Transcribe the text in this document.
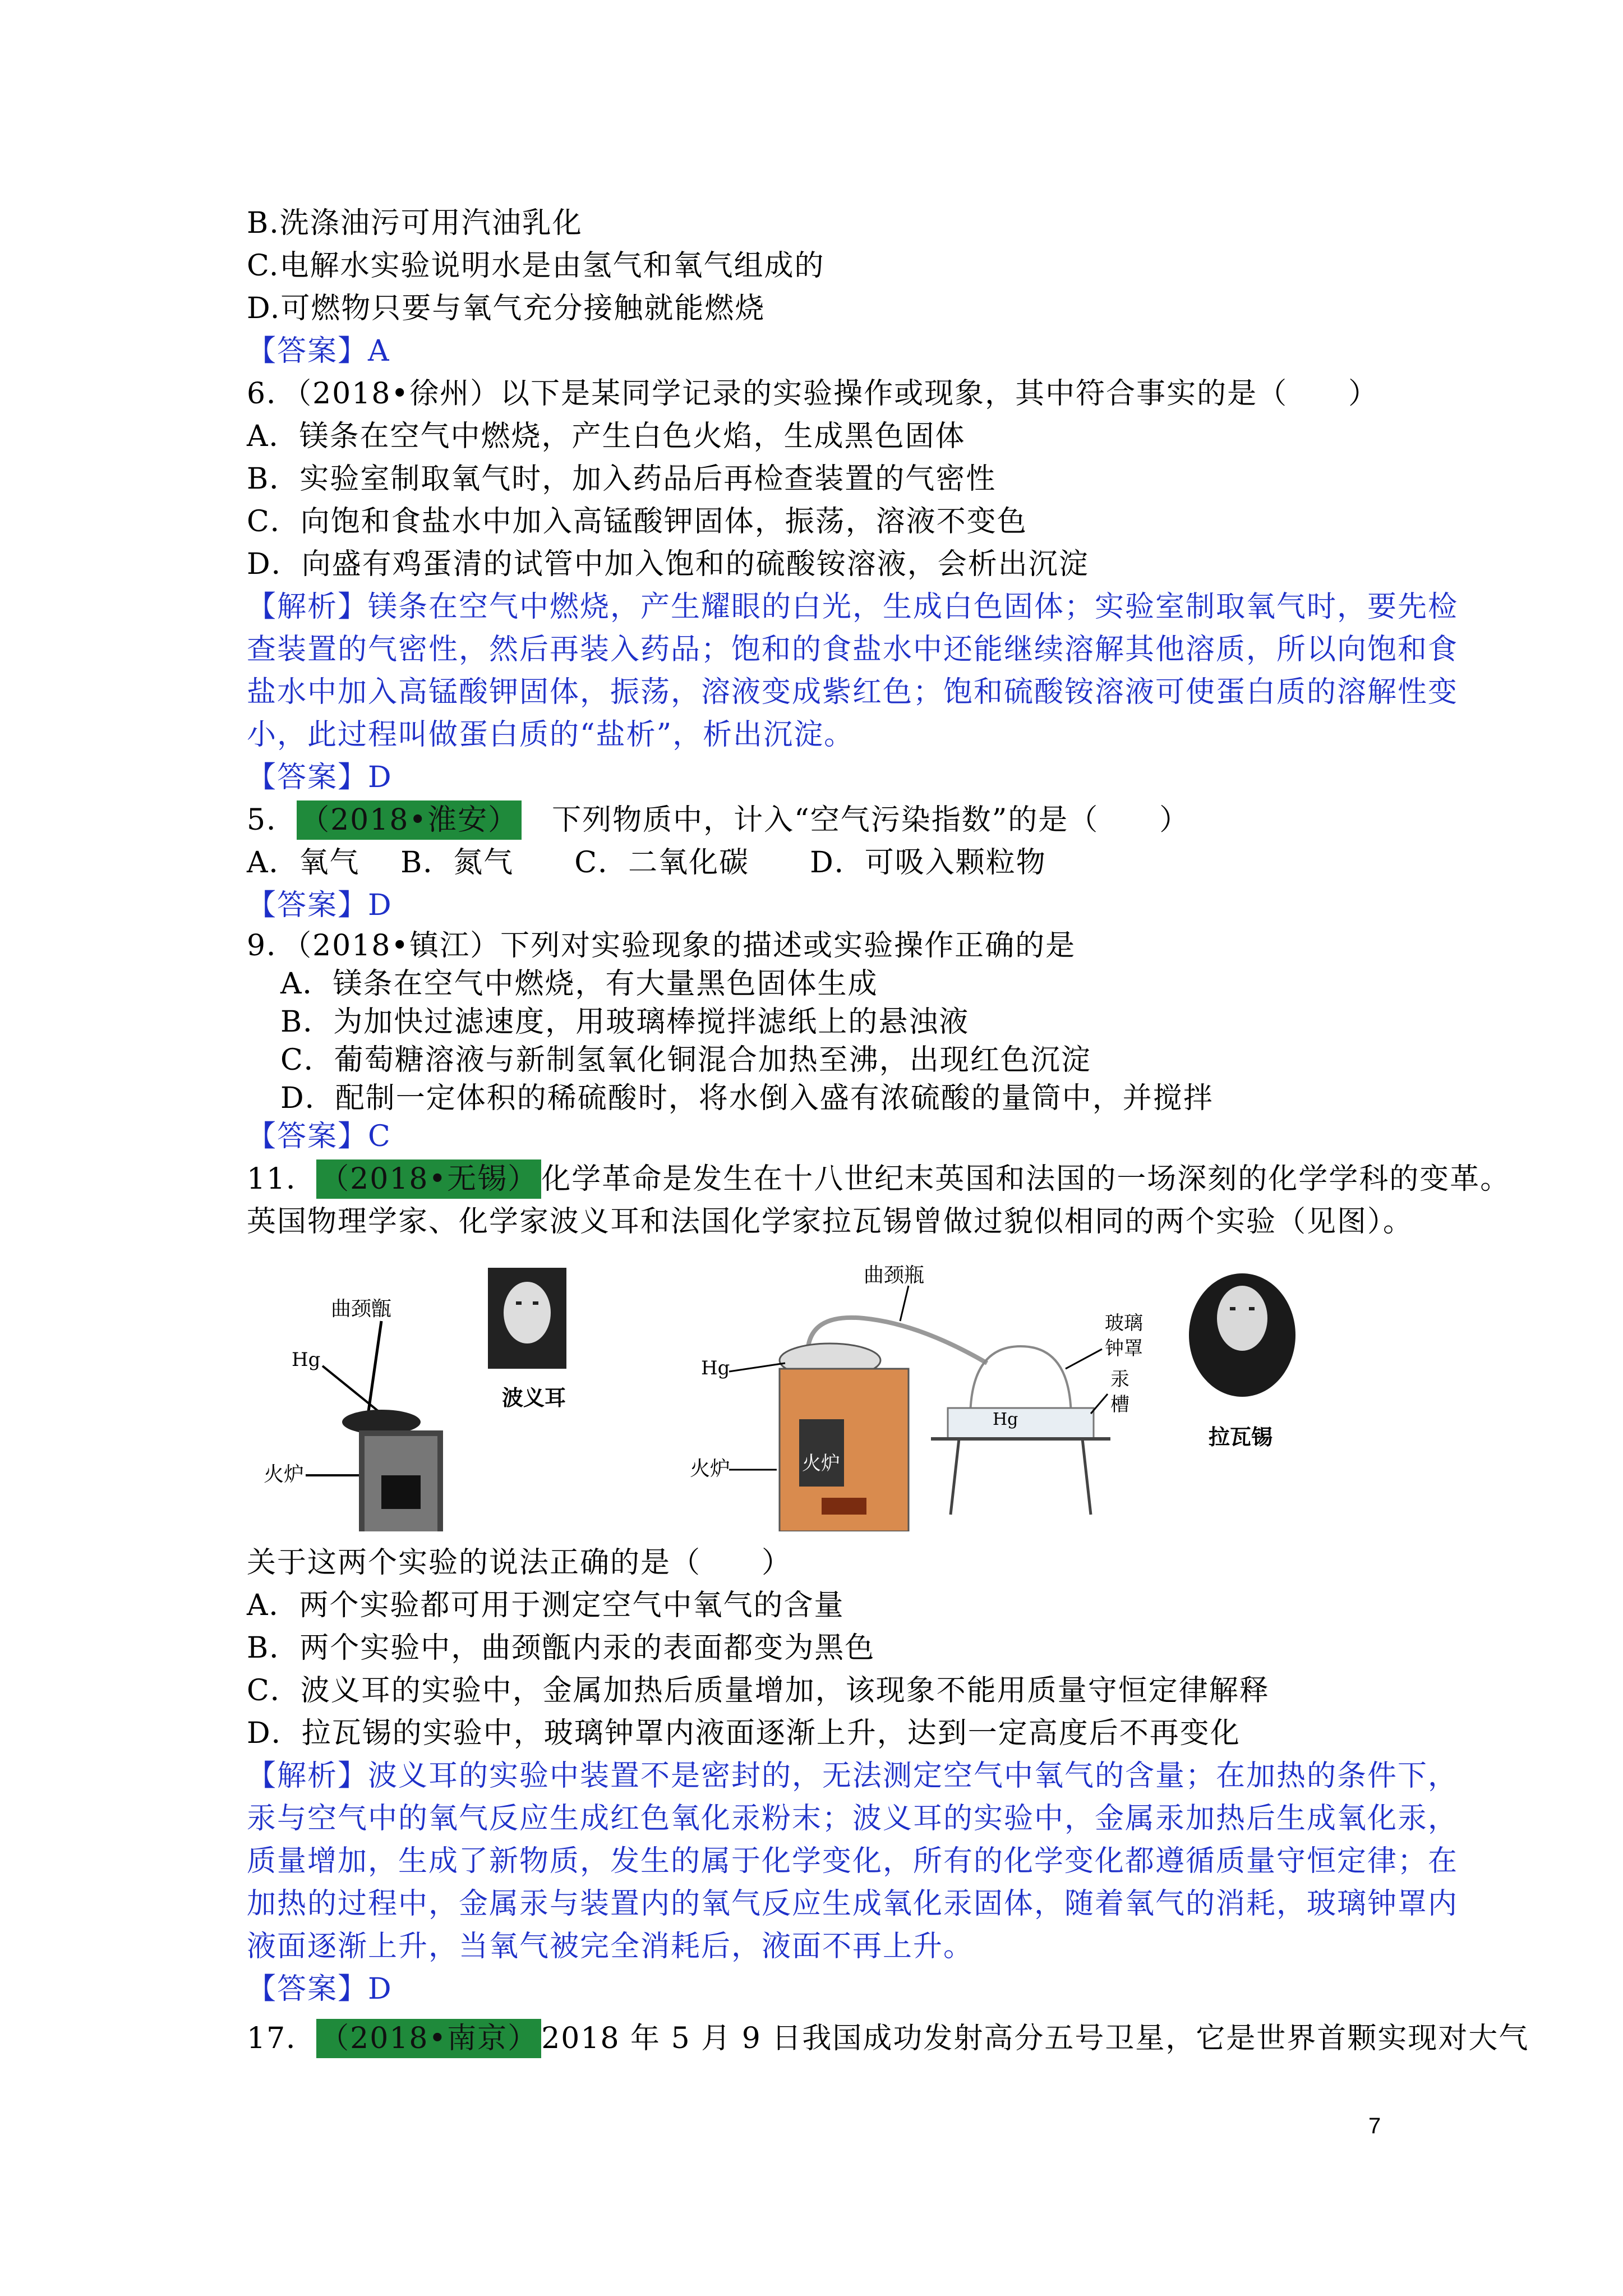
B.洗涤油污可用汽油乳化
C.电解水实验说明水是由氢气和氧气组成的
D.可燃物只要与氧气充分接触就能燃烧
【答案】A
6．（2018•徐州）以下是某同学记录的实验操作或现象，其中符合事实的是（　　）
A．镁条在空气中燃烧，产生白色火焰，生成黑色固体
B．实验室制取氧气时，加入药品后再检查装置的气密性
C．向饱和食盐水中加入高锰酸钾固体，振荡，溶液不变色
D．向盛有鸡蛋清的试管中加入饱和的硫酸铵溶液，会析出沉淀
【解析】镁条在空气中燃烧，产生耀眼的白光，生成白色固体；实验室制取氧气时，要先检
查装置的气密性，然后再装入药品；饱和的食盐水中还能继续溶解其他溶质，所以向饱和食
盐水中加入高锰酸钾固体，振荡，溶液变成紫红色；饱和硫酸铵溶液可使蛋白质的溶解性变
小，此过程叫做蛋白质的“盐析”，析出沉淀。
【答案】D
5． （2018•淮安）　下列物质中，计入“空气污染指数”的是（　　）
A．氧气　 B．氮气　　C．二氧化碳　　D．可吸入颗粒物
【答案】D
9．（2018•镇江）下列对实验现象的描述或实验操作正确的是
A．镁条在空气中燃烧，有大量黑色固体生成
B．为加快过滤速度，用玻璃棒搅拌滤纸上的悬浊液
C．葡萄糖溶液与新制氢氧化铜混合加热至沸，出现红色沉淀
D．配制一定体积的稀硫酸时，将水倒入盛有浓硫酸的量筒中，并搅拌
【答案】C
11． （2018•无锡） 化学革命是发生在十八世纪末英国和法国的一场深刻的化学学科的变革。
英国物理学家、化学家波义耳和法国化学家拉瓦锡曾做过貌似相同的两个实验（见图）。
曲颈甑
Hg
火炉
波义耳
曲颈瓶
Hg
火炉
火炉
Hg
玻璃
钟罩
汞
槽
拉瓦锡
关于这两个实验的说法正确的是（　　）
A．两个实验都可用于测定空气中氧气的含量
B．两个实验中，曲颈甑内汞的表面都变为黑色
C．波义耳的实验中，金属加热后质量增加，该现象不能用质量守恒定律解释
D．拉瓦锡的实验中，玻璃钟罩内液面逐渐上升，达到一定高度后不再变化
【解析】波义耳的实验中装置不是密封的，无法测定空气中氧气的含量；在加热的条件下，
汞与空气中的氧气反应生成红色氧化汞粉末；波义耳的实验中，金属汞加热后生成氧化汞，
质量增加，生成了新物质，发生的属于化学变化，所有的化学变化都遵循质量守恒定律；在
加热的过程中，金属汞与装置内的氧气反应生成氧化汞固体，随着氧气的消耗，玻璃钟罩内
液面逐渐上升，当氧气被完全消耗后，液面不再上升。
【答案】D
17． （2018•南京） 2018 年 5 月 9 日我国成功发射高分五号卫星，它是世界首颗实现对大气
7
